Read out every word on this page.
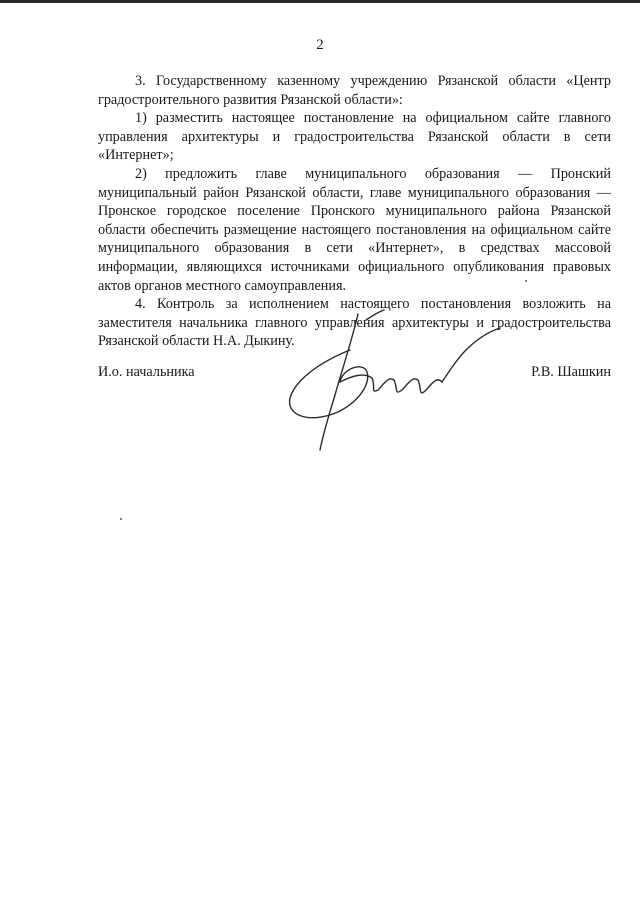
2

3. Государственному казенному учреждению Рязанской области «Центр градостроительного развития Рязанской области»:

1) разместить настоящее постановление на официальном сайте главного управления архитектуры и градостроительства Рязанской области в сети «Интернет»;

2) предложить главе муниципального образования — Пронский муниципальный район Рязанской области, главе муниципального образования — Пронское городское поселение Пронского муниципального района Рязанской области обеспечить размещение настоящего постановления на официальном сайте муниципального образования в сети «Интернет», в средствах массовой информации, являющихся источниками официального опубликования правовых актов органов местного самоуправления.

4. Контроль за исполнением настоящего постановления возложить на заместителя начальника главного управления архитектуры и градостроительства Рязанской области Н.А. Дыкину.

И.о. начальника	Р.В. Шашкин
